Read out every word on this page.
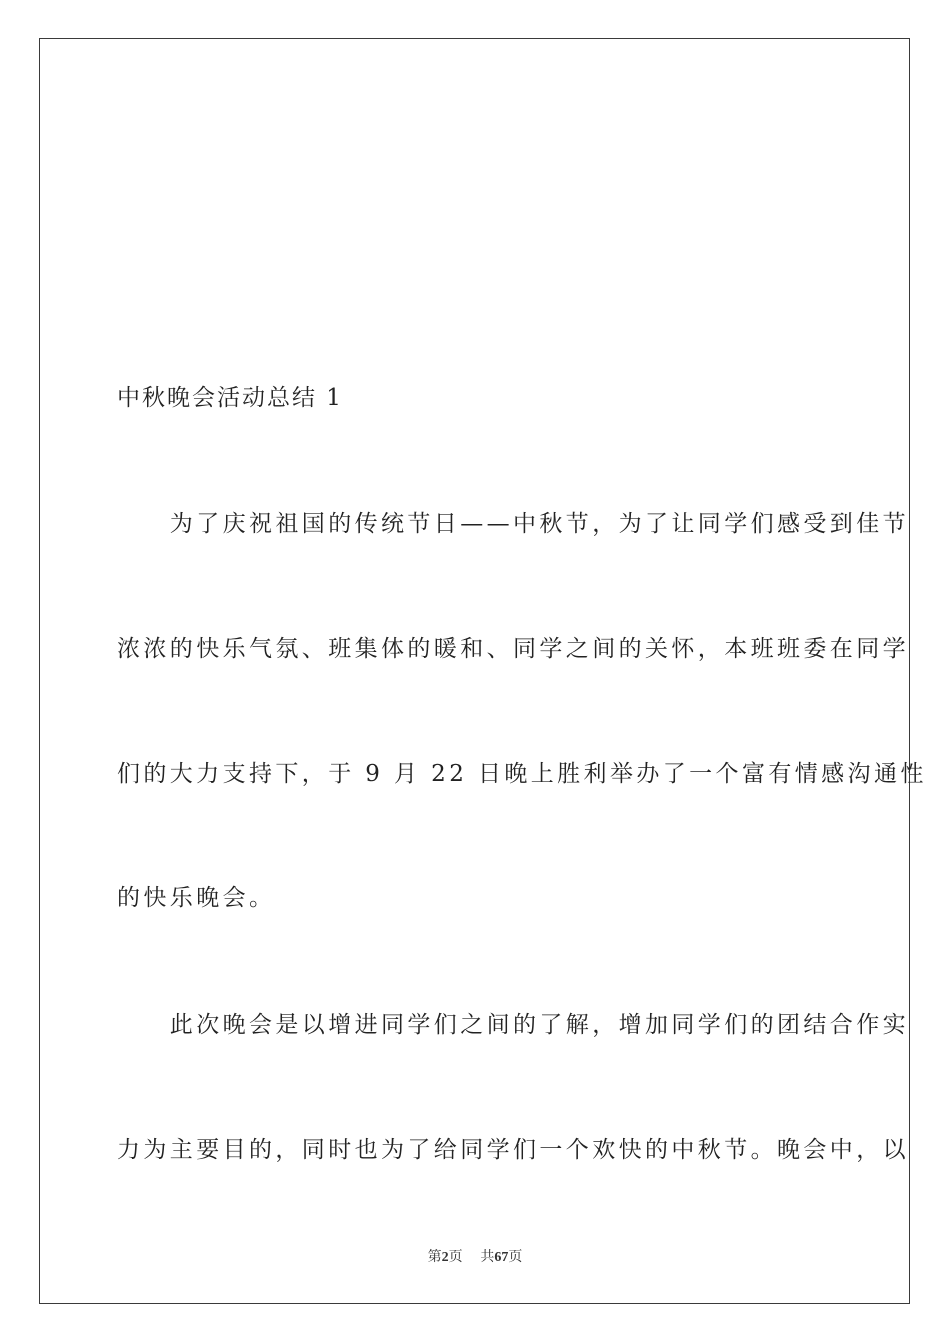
中秋晚会活动总结 1
　　为了庆祝祖国的传统节日——中秋节，为了让同学们感受到佳节
浓浓的快乐气氛、班集体的暖和、同学之间的关怀，本班班委在同学
们的大力支持下，于 9 月 22 日晚上胜利举办了一个富有情感沟通性
的快乐晚会。
　　此次晚会是以增进同学们之间的了解，增加同学们的团结合作实
力为主要目的，同时也为了给同学们一个欢快的中秋节。晚会中，以
第2页 共67页
